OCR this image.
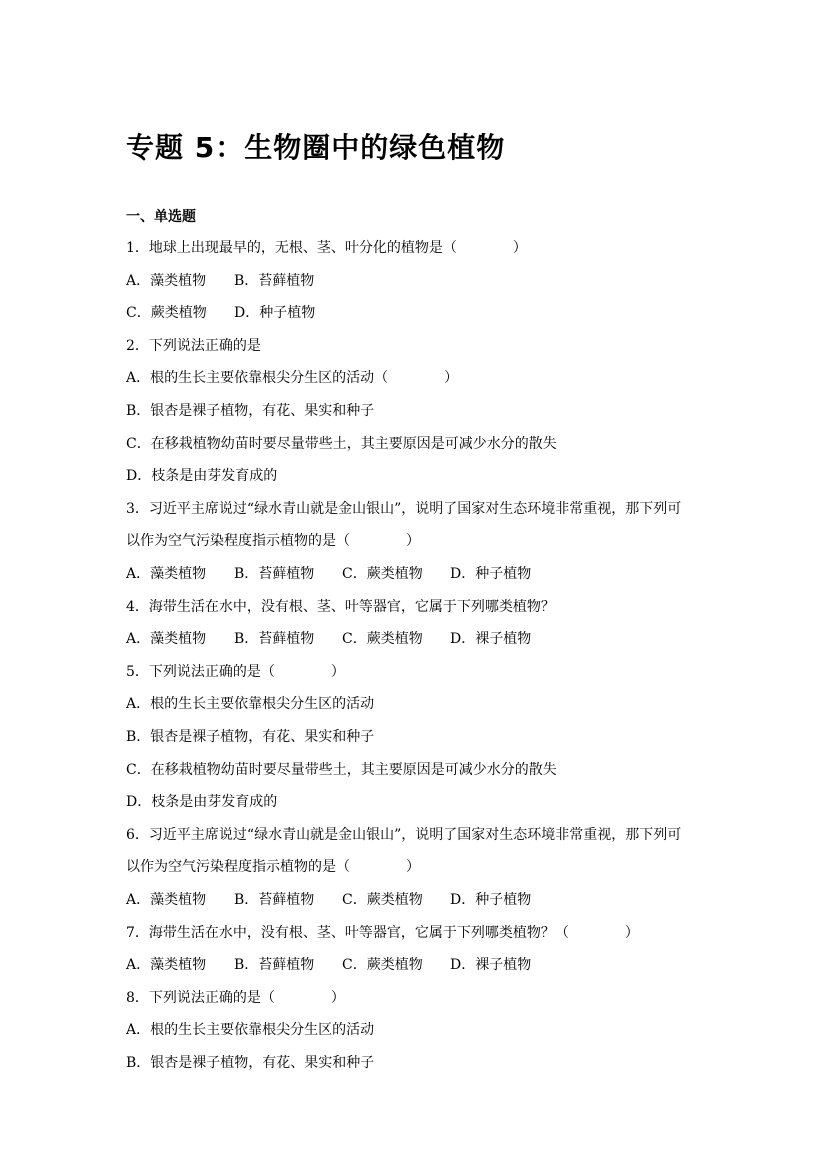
专题 5：生物圈中的绿色植物
一、单选题
1．地球上出现最早的，无根、茎、叶分化的植物是（　　　　）
A．藻类植物 B．苔藓植物
C．蕨类植物 D．种子植物
2．下列说法正确的是
A．根的生长主要依靠根尖分生区的活动（　　　　）
B．银杏是裸子植物，有花、果实和种子
C．在移栽植物幼苗时要尽量带些土，其主要原因是可减少水分的散失
D．枝条是由芽发育成的
3．习近平主席说过“绿水青山就是金山银山”，说明了国家对生态环境非常重视，那下列可
以作为空气污染程度指示植物的是（　　　　）
A．藻类植物 B．苔藓植物 C．蕨类植物 D．种子植物
4．海带生活在水中，没有根、茎、叶等器官，它属于下列哪类植物？
A．藻类植物 B．苔藓植物 C．蕨类植物 D．裸子植物
5．下列说法正确的是（　　　　）
A．根的生长主要依靠根尖分生区的活动
B．银杏是裸子植物，有花、果实和种子
C．在移栽植物幼苗时要尽量带些土，其主要原因是可减少水分的散失
D．枝条是由芽发育成的
6．习近平主席说过“绿水青山就是金山银山”，说明了国家对生态环境非常重视，那下列可
以作为空气污染程度指示植物的是（　　　　）
A．藻类植物 B．苔藓植物 C．蕨类植物 D．种子植物
7．海带生活在水中，没有根、茎、叶等器官，它属于下列哪类植物？（　　　　）
A．藻类植物 B．苔藓植物 C．蕨类植物 D．裸子植物
8．下列说法正确的是（　　　　）
A．根的生长主要依靠根尖分生区的活动
B．银杏是裸子植物，有花、果实和种子
